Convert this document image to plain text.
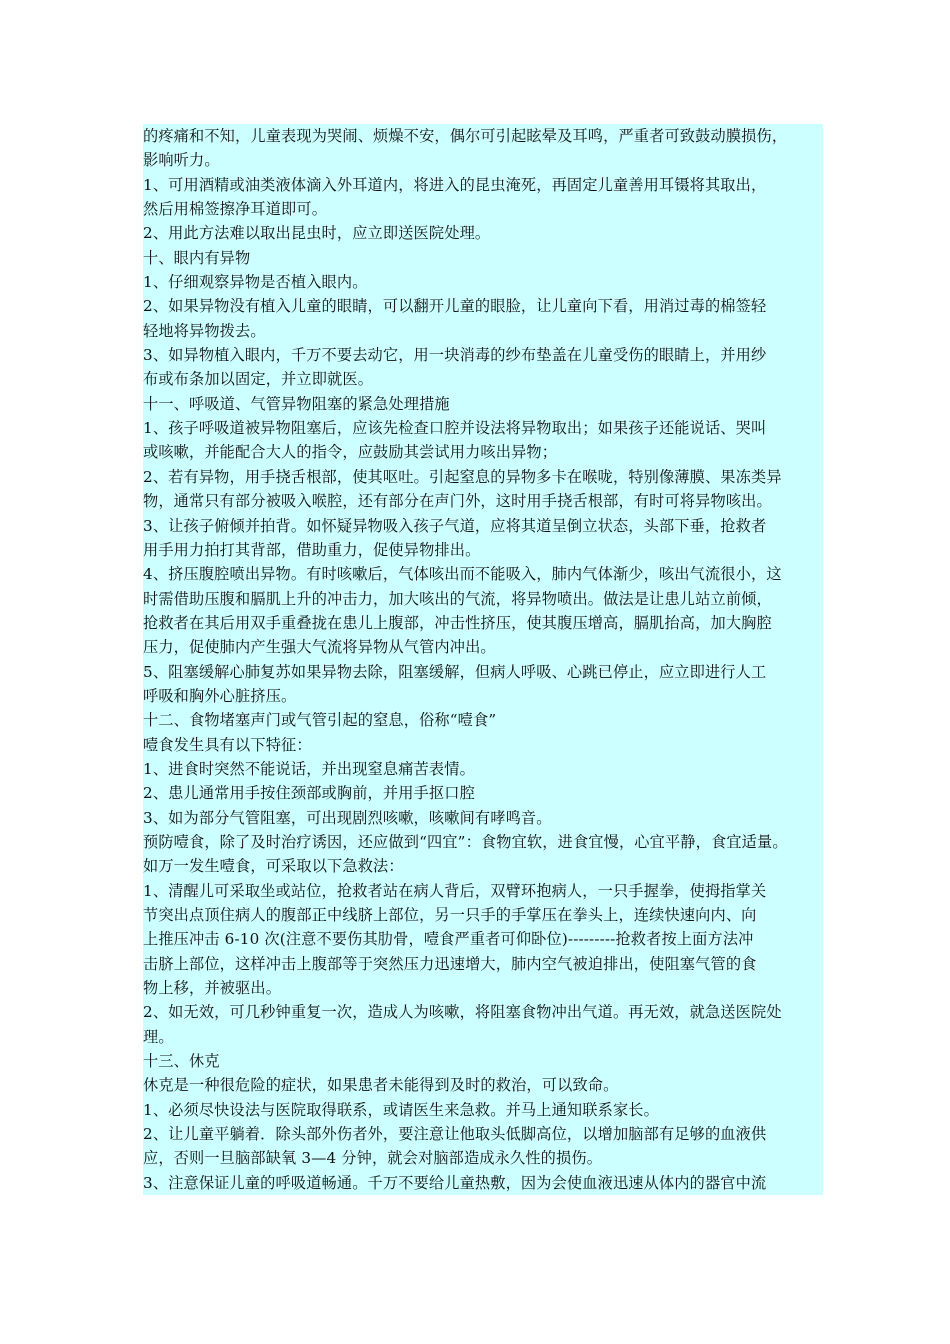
的疼痛和不知，儿童表现为哭闹、烦燥不安，偶尔可引起眩晕及耳鸣，严重者可致鼓动膜损伤，
影响听力。
1、可用酒精或油类液体滴入外耳道内，将进入的昆虫淹死，再固定儿童善用耳镊将其取出，
然后用棉签擦净耳道即可。
2、用此方法难以取出昆虫时，应立即送医院处理。
十、眼内有异物
1、仔细观察异物是否植入眼内。
2、如果异物没有植入儿童的眼睛，可以翻开儿童的眼脸，让儿童向下看，用消过毒的棉签轻
轻地将异物拨去。
3、如异物植入眼内，千万不要去动它，用一块消毒的纱布垫盖在儿童受伤的眼睛上，并用纱
布或布条加以固定，并立即就医。
十一、呼吸道、气管异物阻塞的紧急处理措施
1、孩子呼吸道被异物阻塞后，应该先检查口腔并设法将异物取出；如果孩子还能说话、哭叫
或咳嗽，并能配合大人的指令，应鼓励其尝试用力咳出异物；
2、若有异物，用手挠舌根部，使其呕吐。引起窒息的异物多卡在喉咙，特别像薄膜、果冻类异
物，通常只有部分被吸入喉腔，还有部分在声门外，这时用手挠舌根部，有时可将异物咳出。
3、让孩子俯倾并拍背。如怀疑异物吸入孩子气道，应将其道呈倒立状态，头部下垂，抢救者
用手用力拍打其背部，借助重力，促使异物排出。
4、挤压腹腔喷出异物。有时咳嗽后，气体咳出而不能吸入，肺内气体渐少，咳出气流很小，这
时需借助压腹和膈肌上升的冲击力，加大咳出的气流，将异物喷出。做法是让患儿站立前倾，
抢救者在其后用双手重叠拢在患儿上腹部，冲击性挤压，使其腹压增高，膈肌抬高，加大胸腔
压力，促使肺内产生强大气流将异物从气管内冲出。
5、阻塞缓解心肺复苏如果异物去除，阻塞缓解，但病人呼吸、心跳已停止，应立即进行人工
呼吸和胸外心脏挤压。
十二、食物堵塞声门或气管引起的窒息，俗称“噎食”
噎食发生具有以下特征：
1、进食时突然不能说话，并出现窒息痛苦表情。
2、患儿通常用手按住颈部或胸前，并用手抠口腔
3、如为部分气管阻塞，可出现剧烈咳嗽，咳嗽间有哮鸣音。
预防噎食，除了及时治疗诱因，还应做到“四宜”：食物宜软，进食宜慢，心宜平静，食宜适量。
如万一发生噎食，可采取以下急救法：
1、清醒儿可采取坐或站位，抢救者站在病人背后，双臂环抱病人，一只手握拳，使拇指掌关
节突出点顶住病人的腹部正中线脐上部位，另一只手的手掌压在拳头上，连续快速向内、向
上推压冲击 6-10 次(注意不要伤其肋骨，噎食严重者可仰卧位)---------抢救者按上面方法冲
击脐上部位，这样冲击上腹部等于突然压力迅速增大，肺内空气被迫排出，使阻塞气管的食
物上移，并被驱出。
2、如无效，可几秒钟重复一次，造成人为咳嗽，将阻塞食物冲出气道。再无效，就急送医院处
理。
十三、休克
休克是一种很危险的症状，如果患者未能得到及时的救治，可以致命。
1、必须尽快设法与医院取得联系，或请医生来急救。并马上通知联系家长。
2、让儿童平躺着．除头部外伤者外，要注意让他取头低脚高位，以增加脑部有足够的血液供
应，否则一旦脑部缺氧 3—4 分钟，就会对脑部造成永久性的损伤。
3、注意保证儿童的呼吸道畅通。千万不要给儿童热敷，因为会使血液迅速从体内的器官中流
